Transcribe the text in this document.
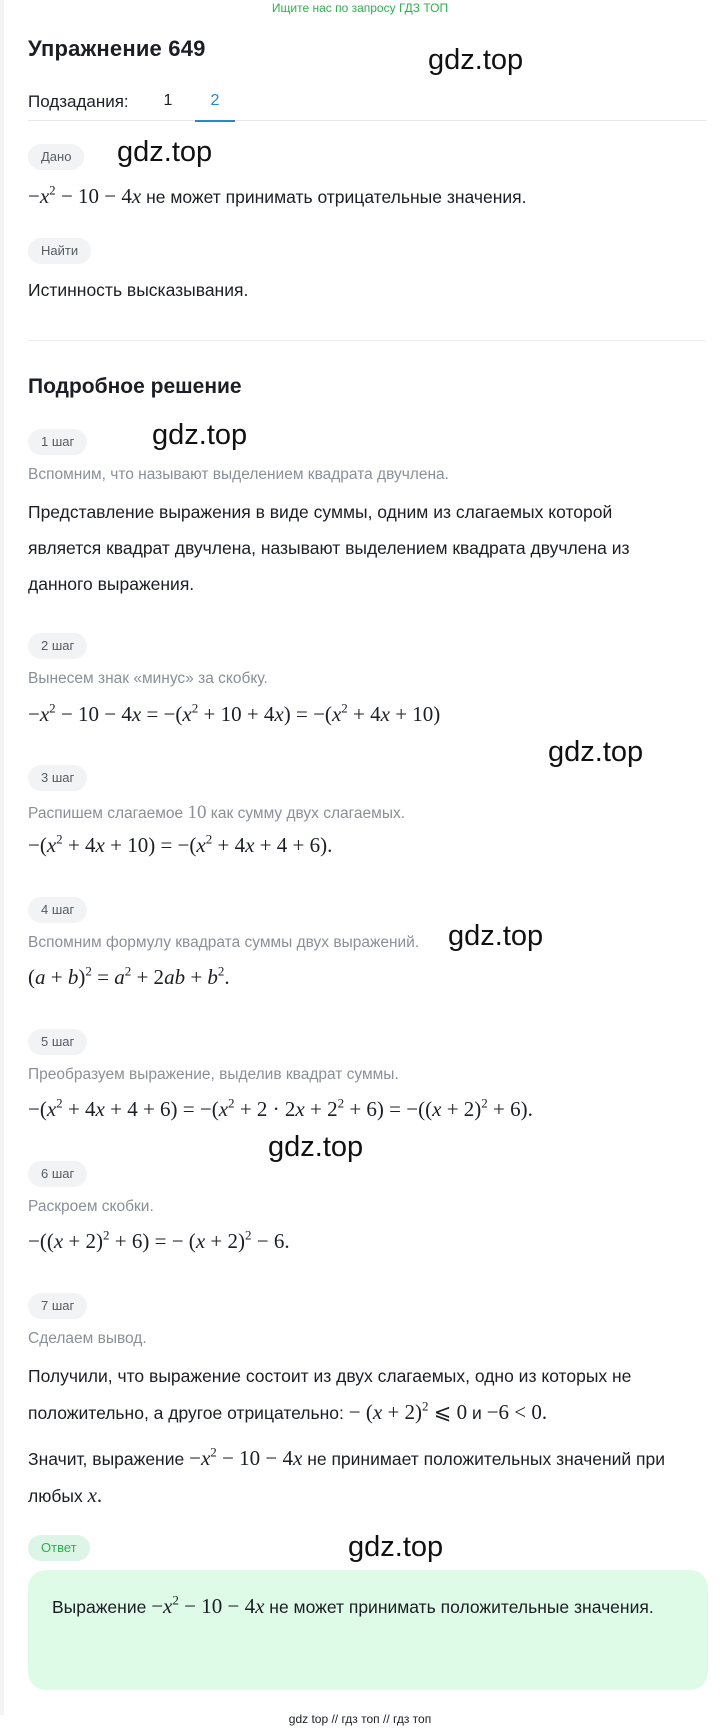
Ищите нас по запросу ГДЗ ТОП
Упражнение 649	gdz.top
gdz.top
gdz.top
gdz.top
gdz.top
gdz.top
gdz.top
Подзадания:	1	2
Дано
$-x^2 - 10 - 4x$ не может принимать отрицательные значения.
Найти
Истинность высказывания.
Подробное решение
1 шаг
Вспомним, что называют выделением квадрата двучлена.
Представление выражения в виде суммы, одним из слагаемых которой является квадрат двучлена, называют выделением квадрата двучлена из данного выражения.
2 шаг
Вынесем знак «минус» за скобку.
$-x^2 - 10 - 4x = -(x^2 + 10 + 4x) = -(x^2 + 4x + 10)$
3 шаг
Распишем слагаемое 10 как сумму двух слагаемых.
$-(x^2 + 4x + 10) = -(x^2 + 4x + 4 + 6)$.
4 шаг
Вспомним формулу квадрата суммы двух выражений.
$(a + b)^2 = a^2 + 2ab + b^2$.
5 шаг
Преобразуем выражение, выделив квадрат суммы.
$-(x^2 + 4x + 4 + 6) = -(x^2 + 2 \cdot 2x + 2^2 + 6) = -((x + 2)^2 + 6)$.
6 шаг
Раскроем скобки.
$-((x + 2)^2 + 6)$ = − $(x + 2)^2 - 6$.
7 шаг
Сделаем вывод.
Получили, что выражение состоит из двух слагаемых, одно из которых не положительно, а другое отрицательно: − $(x + 2)^2$ ⩽ 0 и −6 < 0.
Значит, выражение $-x^2 - 10 - 4x$ не принимает положительных значений при любых x.
Ответ
Выражение $-x^2 - 10 - 4x$ не может принимать положительные значения.
gdz top // гдз топ // гдз топ
